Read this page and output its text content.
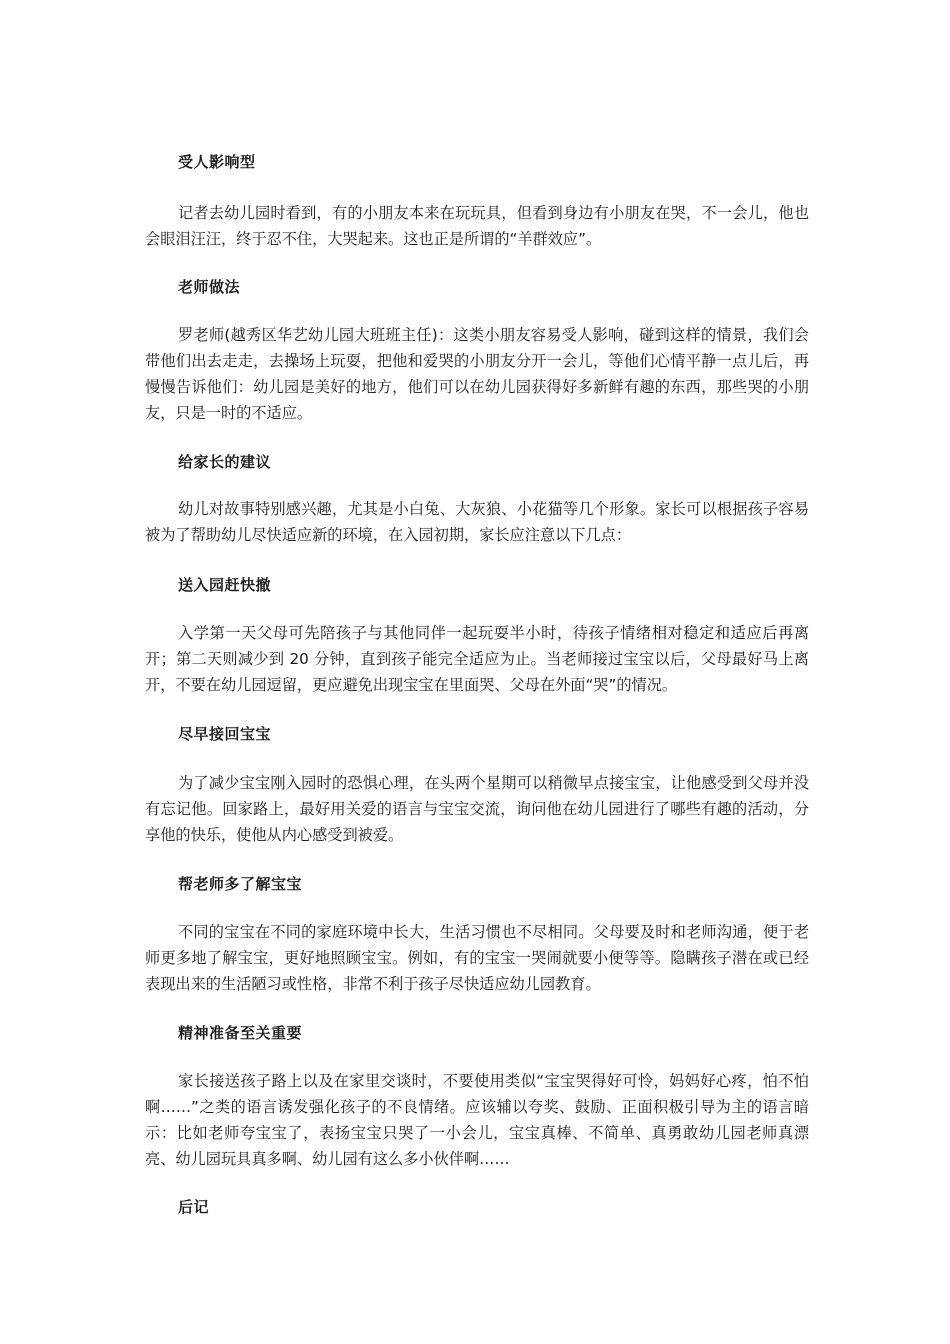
受人影响型
记者去幼儿园时看到，有的小朋友本来在玩玩具，但看到身边有小朋友在哭，不一会儿，他也会眼泪汪汪，终于忍不住，大哭起来。这也正是所谓的“羊群效应”。
老师做法
罗老师(越秀区华艺幼儿园大班班主任)：这类小朋友容易受人影响，碰到这样的情景，我们会带他们出去走走，去操场上玩耍，把他和爱哭的小朋友分开一会儿，等他们心情平静一点儿后，再慢慢告诉他们：幼儿园是美好的地方，他们可以在幼儿园获得好多新鲜有趣的东西，那些哭的小朋友，只是一时的不适应。
给家长的建议
幼儿对故事特别感兴趣，尤其是小白兔、大灰狼、小花猫等几个形象。家长可以根据孩子容易被为了帮助幼儿尽快适应新的环境，在入园初期，家长应注意以下几点：
送入园赶快撤
入学第一天父母可先陪孩子与其他同伴一起玩耍半小时，待孩子情绪相对稳定和适应后再离开；第二天则减少到 20 分钟，直到孩子能完全适应为止。当老师接过宝宝以后，父母最好马上离开，不要在幼儿园逗留，更应避免出现宝宝在里面哭、父母在外面“哭”的情况。
尽早接回宝宝
为了减少宝宝刚入园时的恐惧心理，在头两个星期可以稍微早点接宝宝，让他感受到父母并没有忘记他。回家路上，最好用关爱的语言与宝宝交流，询问他在幼儿园进行了哪些有趣的活动，分享他的快乐，使他从内心感受到被爱。
帮老师多了解宝宝
不同的宝宝在不同的家庭环境中长大，生活习惯也不尽相同。父母要及时和老师沟通，便于老师更多地了解宝宝，更好地照顾宝宝。例如，有的宝宝一哭闹就要小便等等。隐瞒孩子潜在或已经表现出来的生活陋习或性格，非常不利于孩子尽快适应幼儿园教育。
精神准备至关重要
家长接送孩子路上以及在家里交谈时，不要使用类似“宝宝哭得好可怜，妈妈好心疼，怕不怕啊……”之类的语言诱发强化孩子的不良情绪。应该辅以夸奖、鼓励、正面积极引导为主的语言暗示：比如老师夸宝宝了，表扬宝宝只哭了一小会儿，宝宝真棒、不简单、真勇敢幼儿园老师真漂亮、幼儿园玩具真多啊、幼儿园有这么多小伙伴啊……
后记
